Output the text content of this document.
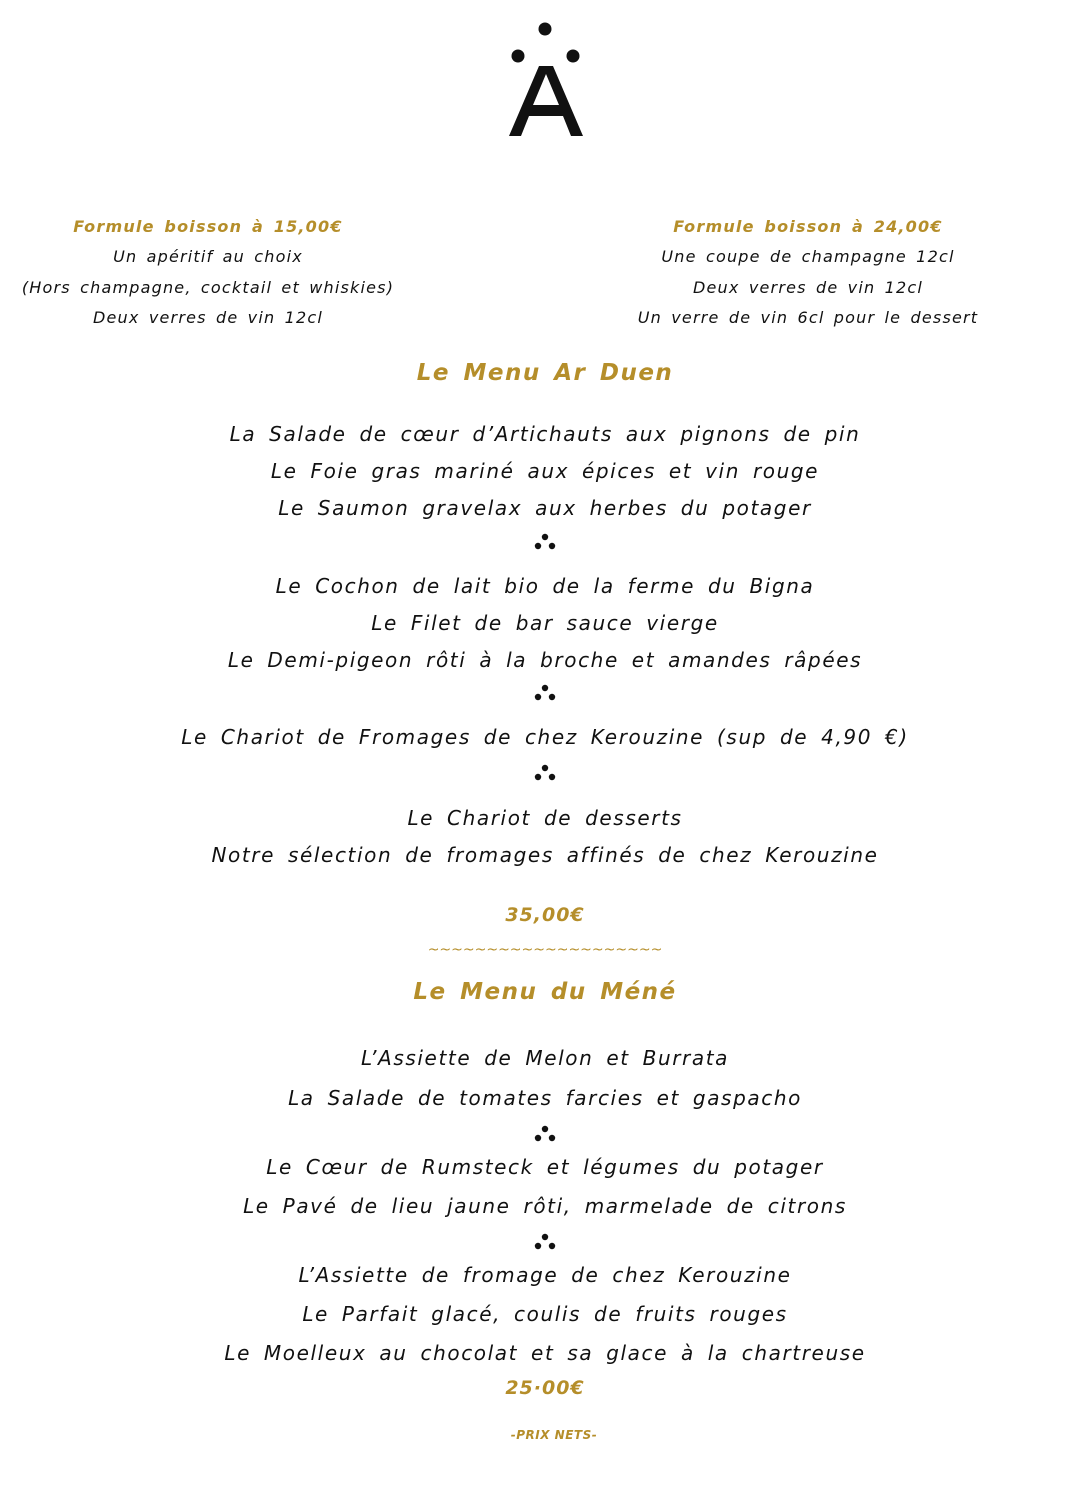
Formule boisson à 15,00€
Un apéritif au choix
(Hors champagne, cocktail et whiskies)
Deux verres de vin 12cl
Formule boisson à 24,00€
Une coupe de champagne 12cl
Deux verres de vin 12cl
Un verre de vin 6cl pour le dessert
Le Menu Ar Duen
La Salade de cœur d’Artichauts aux pignons de pin
Le Foie gras mariné aux épices et vin rouge
Le Saumon gravelax aux herbes du potager
Le Cochon de lait bio de la ferme du Bigna
Le Filet de bar sauce vierge
Le Demi-pigeon rôti à la broche et amandes râpées
Le Chariot de Fromages de chez Kerouzine (sup de 4,90 €)
Le Chariot de desserts
Notre sélection de fromages affinés de chez Kerouzine
35,00€
~~~~~~~~~~~~~~~~~~~~
Le Menu du Méné
L’Assiette de Melon et Burrata
La Salade de tomates farcies et gaspacho
Le Cœur de Rumsteck et légumes du potager
Le Pavé de lieu jaune rôti, marmelade de citrons
L’Assiette de fromage de chez Kerouzine
Le Parfait glacé, coulis de fruits rouges
Le Moelleux au chocolat et sa glace à la chartreuse
25·00€
-PRIX NETS-
